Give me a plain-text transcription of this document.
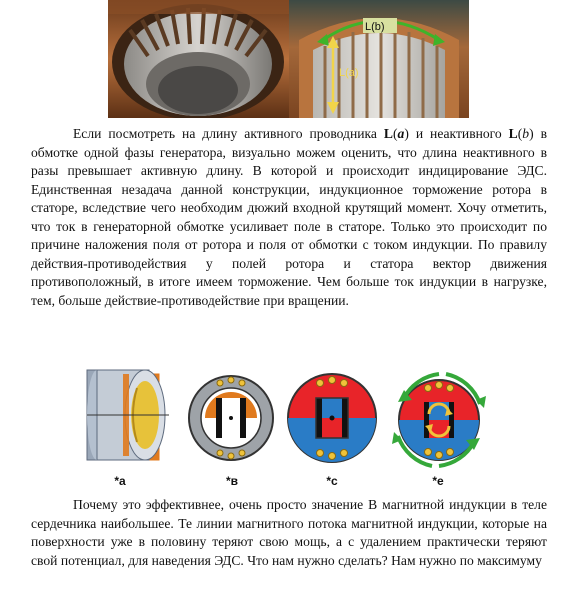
L(b)
L(a)

Если посмотреть на длину активного проводника L(a) и неактивного L(b) в обмотке одной фазы генератора, визуально можем оценить, что длина неактивного в разы превышает активную длину. В которой и происходит индицирование ЭДС. Единственная незадача данной конструкции, индукционное торможение ротора в статоре, вследствие чего необходим дюжий входной крутящий момент. Хочу отметить, что ток в генераторной обмотке усиливает поле в статоре. Только это происходит по причине наложения поля от ротора и поля от обмотки с током индукции. По правилу действия-противодействия у полей ротора и статора вектор движения противоположный, в итоге имеем торможение. Чем больше ток индукции в нагрузке, тем, больше действие-противодействие при вращении.

*a	*в	*c	*e

Почему это эффективнее, очень просто значение В магнитной индукции в теле сердечника наибольшее. Те линии магнитного потока магнитной индукции, которые на поверхности уже в половину теряют свою мощь, а с удалением практически теряют свой потенциал, для наведения ЭДС. Что нам нужно сделать? Нам нужно по максимуму
